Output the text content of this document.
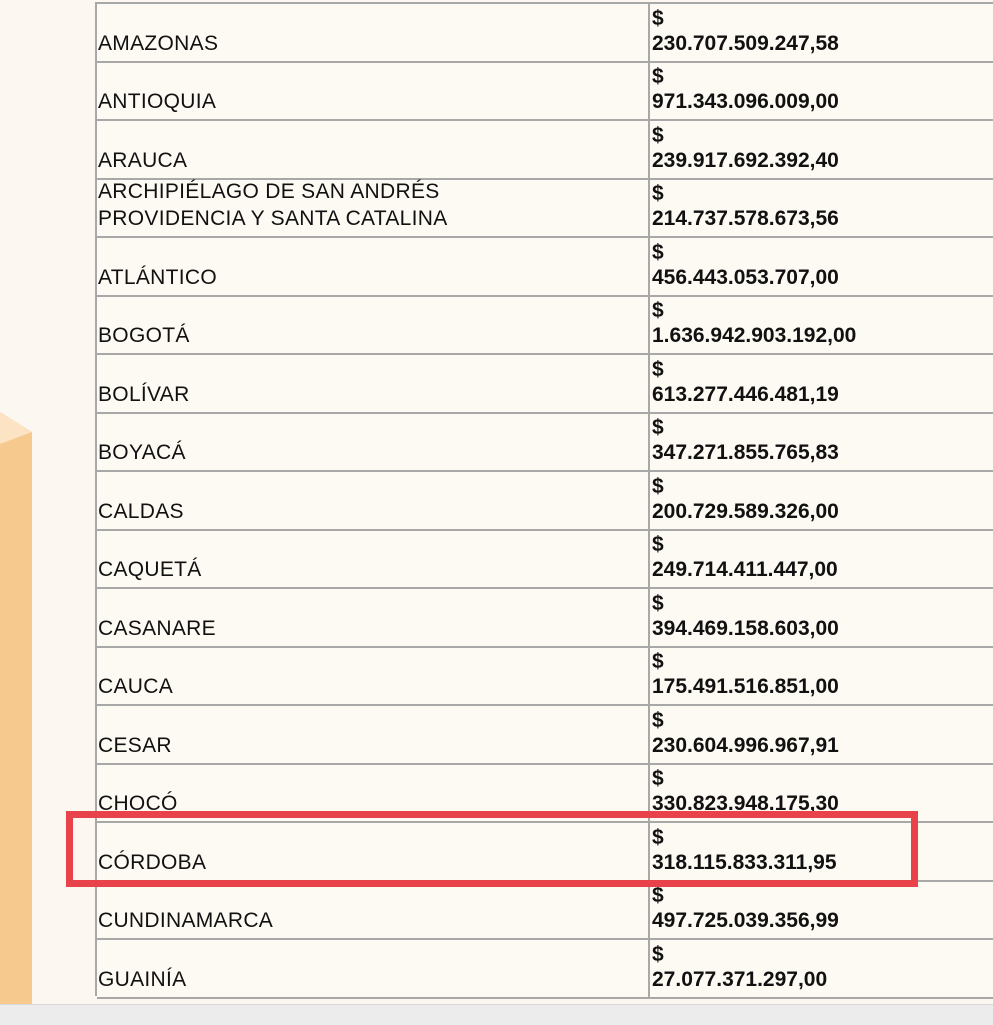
AMAZONAS
$
230.707.509.247,58
ANTIOQUIA
$
971.343.096.009,00
ARAUCA
$
239.917.692.392,40
ARCHIPIÉLAGO DE SAN ANDRÉS
PROVIDENCIA Y SANTA CATALINA
$
214.737.578.673,56
ATLÁNTICO
$
456.443.053.707,00
BOGOTÁ
$
1.636.942.903.192,00
BOLÍVAR
$
613.277.446.481,19
BOYACÁ
$
347.271.855.765,83
CALDAS
$
200.729.589.326,00
CAQUETÁ
$
249.714.411.447,00
CASANARE
$
394.469.158.603,00
CAUCA
$
175.491.516.851,00
CESAR
$
230.604.996.967,91
CHOCÓ
$
330.823.948.175,30
CÓRDOBA
$
318.115.833.311,95
CUNDINAMARCA
$
497.725.039.356,99
GUAINÍA
$
27.077.371.297,00
